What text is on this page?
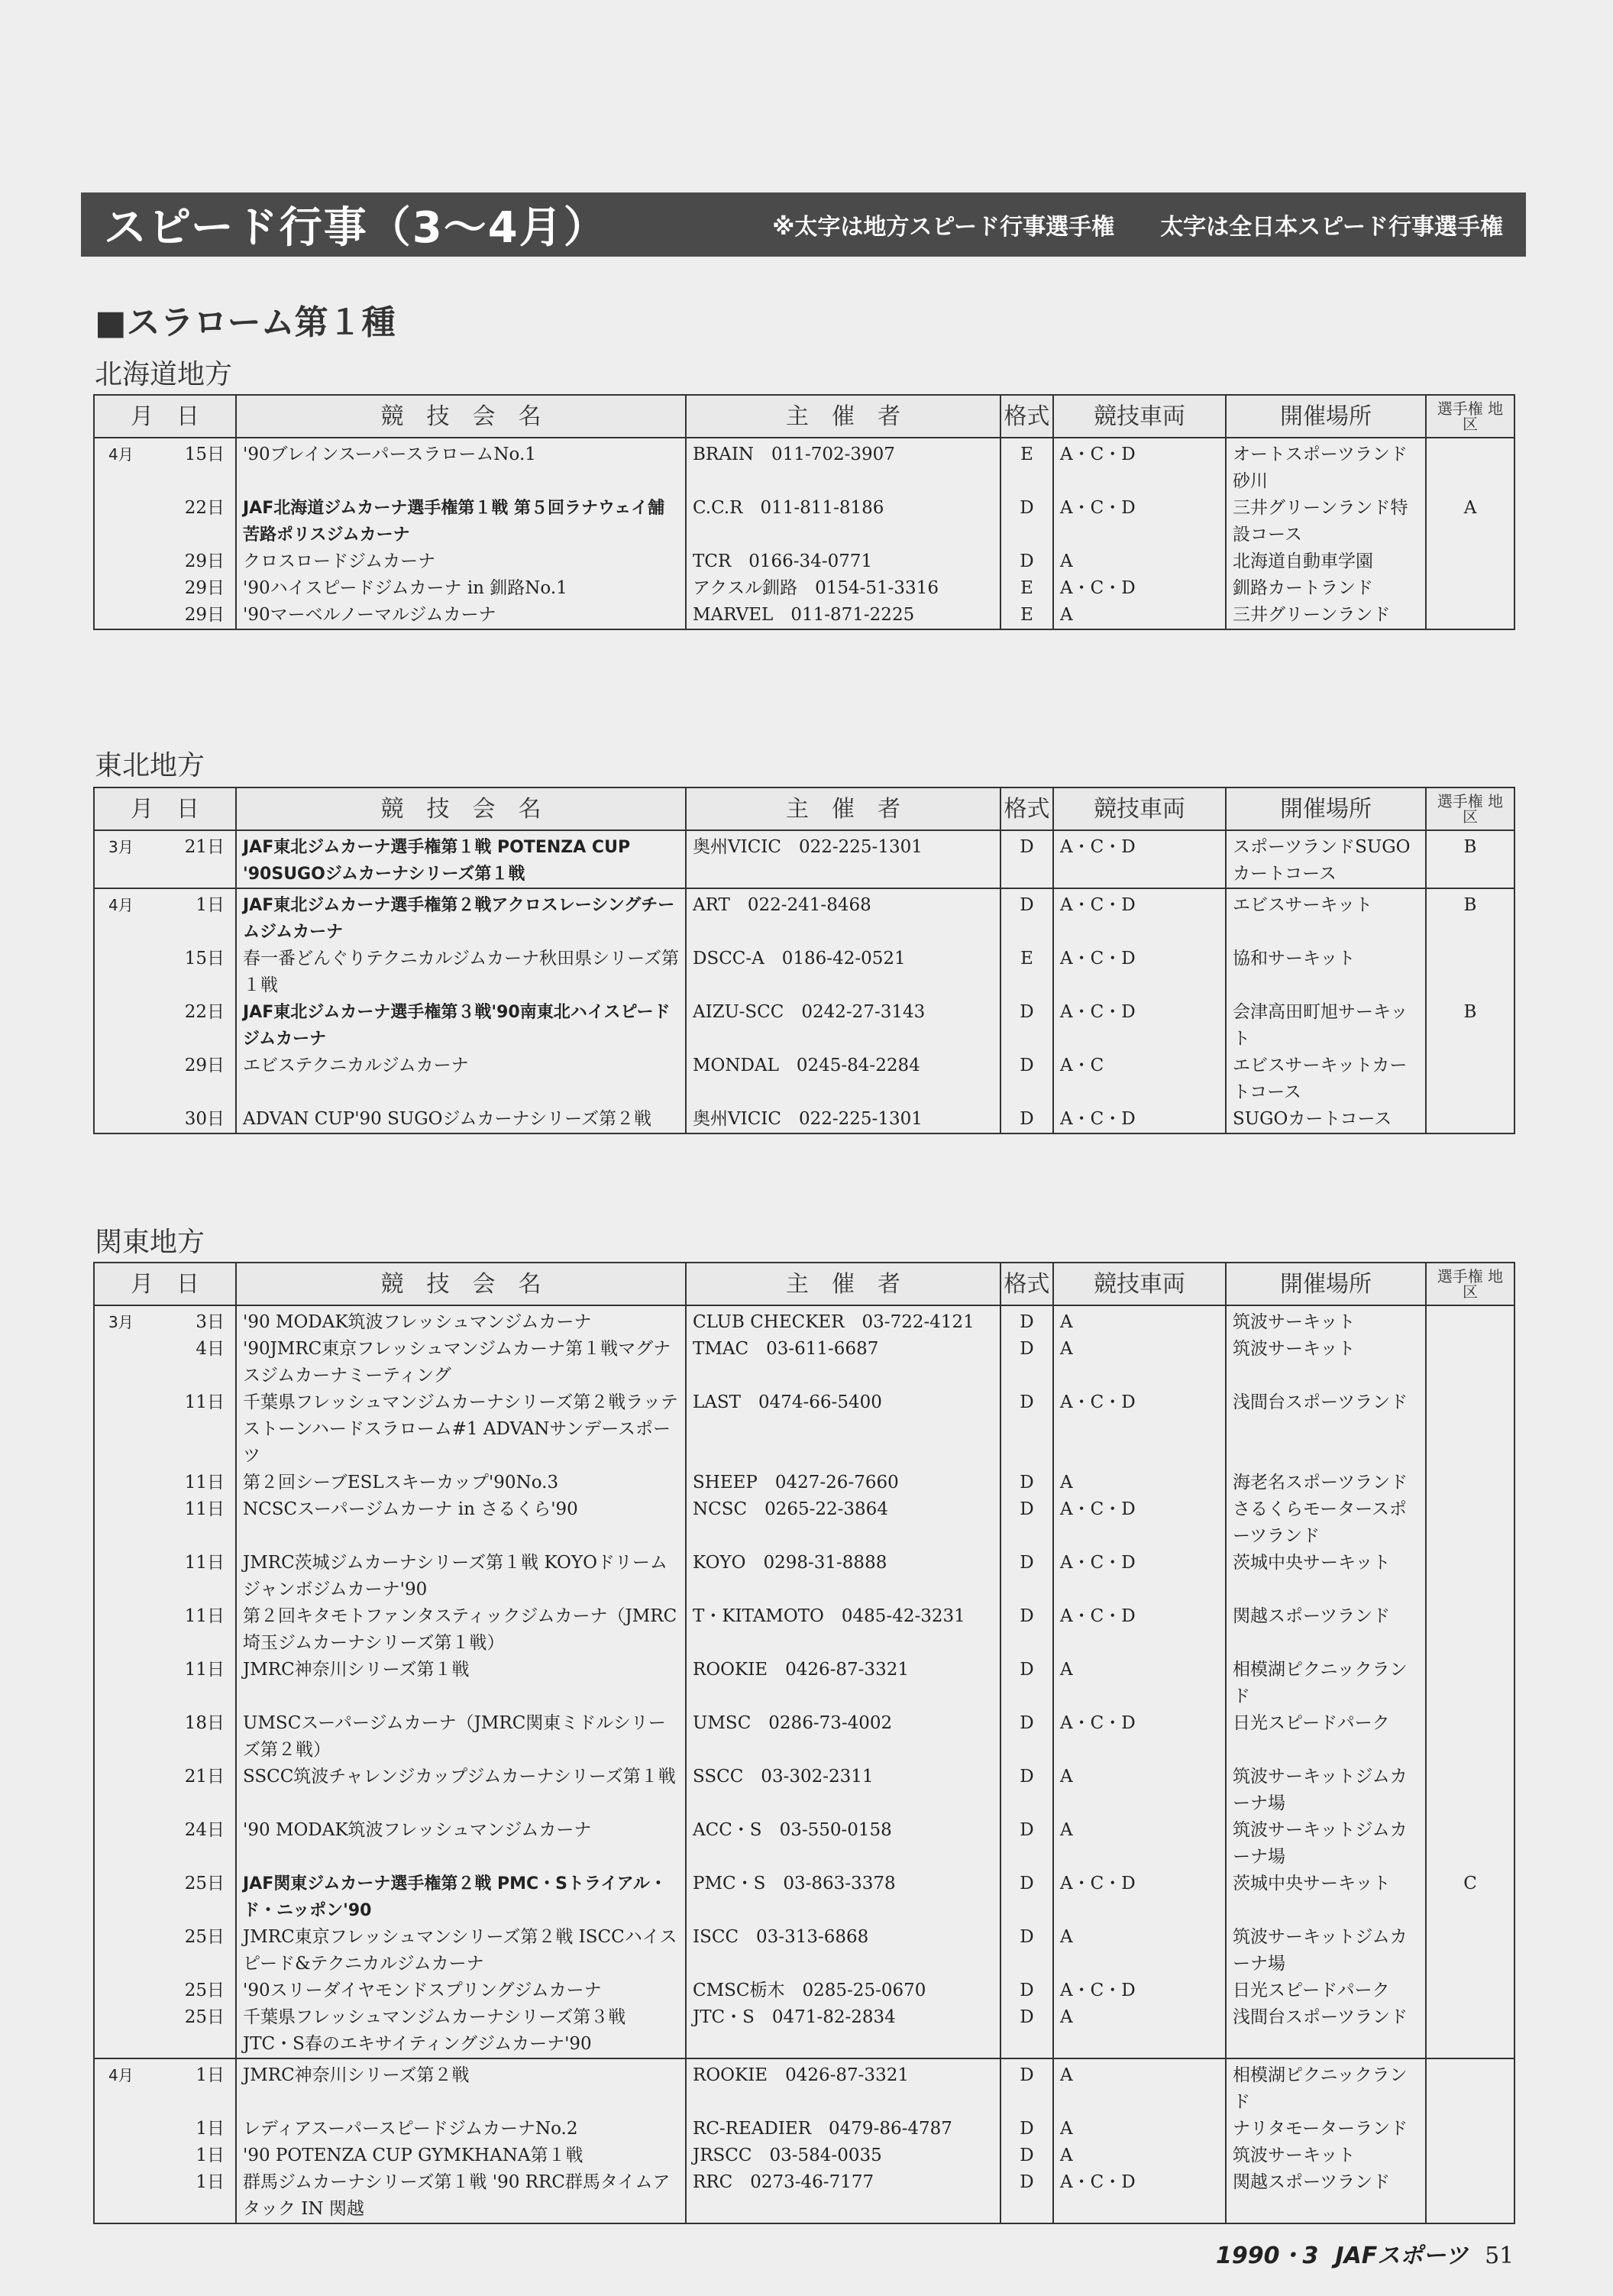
スピード行事（3〜4月）	※太字は地方スピード行事選手権 太字は全日本スピード行事選手権
■スラローム第１種
北海道地方
月　日		競　技　会　名	主　催　者	格式	競技車両	開催場所	選手権 地　区
4月	15日	'90ブレインスーパースラロームNo.1	BRAIN　011-702-3907	E	A・C・D	オートスポーツランド砂川	
	22日	JAF北海道ジムカーナ選手権第１戦 第５回ラナウェイ舗苦路ポリスジムカーナ	C.C.R　011-811-8186	D	A・C・D	三井グリーンランド特設コース	A
	29日	クロスロードジムカーナ	TCR　0166-34-0771	D	A	北海道自動車学園	
	29日	'90ハイスピードジムカーナ in 釧路No.1	アクスル釧路　0154-51-3316	E	A・C・D	釧路カートランド	
	29日	'90マーベルノーマルジムカーナ	MARVEL　011-871-2225	E	A	三井グリーンランド	
東北地方
月　日		競　技　会　名	主　催　者	格式	競技車両	開催場所	選手権 地　区
3月	21日	JAF東北ジムカーナ選手権第１戦 POTENZA CUP '90SUGOジムカーナシリーズ第１戦	奥州VICIC　022-225-1301	D	A・C・D	スポーツランドSUGOカートコース	B
4月	1日	JAF東北ジムカーナ選手権第２戦アクロスレーシングチームジムカーナ	ART　022-241-8468	D	A・C・D	エビスサーキット	B
	15日	春一番どんぐりテクニカルジムカーナ秋田県シリーズ第１戦	DSCC-A　0186-42-0521	E	A・C・D	協和サーキット	
	22日	JAF東北ジムカーナ選手権第３戦'90南東北ハイスピードジムカーナ	AIZU-SCC　0242-27-3143	D	A・C・D	会津高田町旭サーキット	B
	29日	エビステクニカルジムカーナ	MONDAL　0245-84-2284	D	A・C	エビスサーキットカートコース	
	30日	ADVAN CUP'90 SUGOジムカーナシリーズ第２戦	奥州VICIC　022-225-1301	D	A・C・D	SUGOカートコース	
関東地方
月　日		競　技　会　名	主　催　者	格式	競技車両	開催場所	選手権 地　区
3月	3日	'90 MODAK筑波フレッシュマンジムカーナ	CLUB CHECKER　03-722-4121	D	A	筑波サーキット	
	4日	'90JMRC東京フレッシュマンジムカーナ第１戦マグナスジムカーナミーティング	TMAC　03-611-6687	D	A	筑波サーキット	
	11日	千葉県フレッシュマンジムカーナシリーズ第２戦ラッテストーンハードスラローム#1 ADVANサンデースポーツ	LAST　0474-66-5400	D	A・C・D	浅間台スポーツランド	
	11日	第２回シーブESLスキーカップ'90No.3	SHEEP　0427-26-7660	D	A	海老名スポーツランド	
	11日	NCSCスーパージムカーナ in さるくら'90	NCSC　0265-22-3864	D	A・C・D	さるくらモータースポーツランド	
	11日	JMRC茨城ジムカーナシリーズ第１戦 KOYOドリームジャンボジムカーナ'90	KOYO　0298-31-8888	D	A・C・D	茨城中央サーキット	
	11日	第２回キタモトファンタスティックジムカーナ（JMRC埼玉ジムカーナシリーズ第１戦）	T・KITAMOTO　0485-42-3231	D	A・C・D	関越スポーツランド	
	11日	JMRC神奈川シリーズ第１戦	ROOKIE　0426-87-3321	D	A	相模湖ピクニックランド	
	18日	UMSCスーパージムカーナ（JMRC関東ミドルシリーズ第２戦）	UMSC　0286-73-4002	D	A・C・D	日光スピードパーク	
	21日	SSCC筑波チャレンジカップジムカーナシリーズ第１戦	SSCC　03-302-2311	D	A	筑波サーキットジムカーナ場	
	24日	'90 MODAK筑波フレッシュマンジムカーナ	ACC・S　03-550-0158	D	A	筑波サーキットジムカーナ場	
	25日	JAF関東ジムカーナ選手権第２戦 PMC・Sトライアル・ド・ニッポン'90	PMC・S　03-863-3378	D	A・C・D	茨城中央サーキット	C
	25日	JMRC東京フレッシュマンシリーズ第２戦 ISCCハイスピード&テクニカルジムカーナ	ISCC　03-313-6868	D	A	筑波サーキットジムカーナ場	
	25日	'90スリーダイヤモンドスプリングジムカーナ	CMSC栃木　0285-25-0670	D	A・C・D	日光スピードパーク	
	25日	千葉県フレッシュマンジムカーナシリーズ第３戦 JTC・S春のエキサイティングジムカーナ'90	JTC・S　0471-82-2834	D	A	浅間台スポーツランド	
4月	1日	JMRC神奈川シリーズ第２戦	ROOKIE　0426-87-3321	D	A	相模湖ピクニックランド	
	1日	レディアスーパースピードジムカーナNo.2	RC-READIER　0479-86-4787	D	A	ナリタモーターランド	
	1日	'90 POTENZA CUP GYMKHANA第１戦	JRSCC　03-584-0035	D	A	筑波サーキット	
	1日	群馬ジムカーナシリーズ第１戦 '90 RRC群馬タイムアタック IN 関越	RRC　0273-46-7177	D	A・C・D	関越スポーツランド	
1990・3 JAFスポーツ 51
